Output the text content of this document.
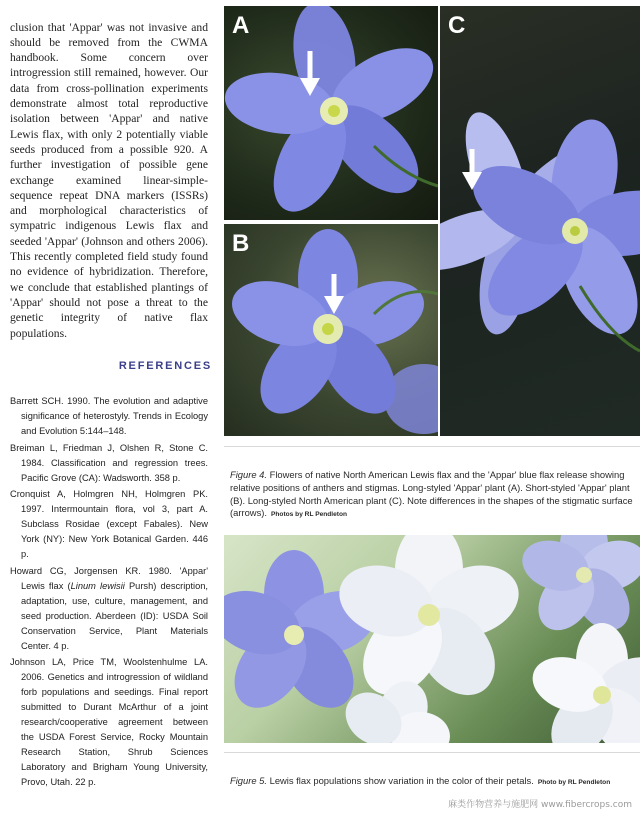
clusion that 'Appar' was not invasive and should be removed from the CWMA handbook. Some concern over introgression still remained, however. Our data from cross-pollination experiments demonstrate almost total reproductive isolation between 'Appar' and native Lewis flax, with only 2 potentially viable seeds produced from a possible 920. A further investigation of possible gene exchange examined linear-simple-sequence repeat DNA markers (ISSRs) and morphological characteristics of sympatric indigenous Lewis flax and seeded 'Appar' (Johnson and others 2006). This recently completed field study found no evidence of hybridization. Therefore, we conclude that established plantings of 'Appar' should not pose a threat to the genetic integrity of native flax populations.

REFERENCES

Barrett SCH. 1990. The evolution and adaptive significance of heterostyly. Trends in Ecology and Evolution 5:144–148.

Breiman L, Friedman J, Olshen R, Stone C. 1984. Classification and regression trees. Pacific Grove (CA): Wadsworth. 358 p.

Cronquist A, Holmgren NH, Holmgren PK. 1997. Intermountain flora, vol 3, part A. Subclass Rosidae (except Fabales). New York (NY): New York Botanical Garden. 446 p.

Howard CG, Jorgensen KR. 1980. 'Appar' Lewis flax (Linum lewisii Pursh) description, adaptation, use, culture, management, and seed production. Aberdeen (ID): USDA Soil Conservation Service, Plant Materials Center. 4 p.

Johnson LA, Price TM, Woolstenhulme LA. 2006. Genetics and introgression of wildland forb populations and seedings. Final report submitted to Durant McArthur of a joint research/cooperative agreement between the USDA Forest Service, Rocky Mountain Research Station, Shrub Sciences Laboratory and Brigham Young University, Provo, Utah. 22 p.

A
B
C

Figure 4. Flowers of native North American Lewis flax and the 'Appar' blue flax release showing relative positions of anthers and stigmas. Long-styled 'Appar' plant (A). Short-styled 'Appar' plant (B). Long-styled North American plant (C). Note differences in the shapes of the stigmatic surface (arrows). Photos by RL Pendleton

Figure 5. Lewis flax populations show variation in the color of their petals. Photo by RL Pendleton

麻类作物营养与施肥网 www.fibercrops.com
